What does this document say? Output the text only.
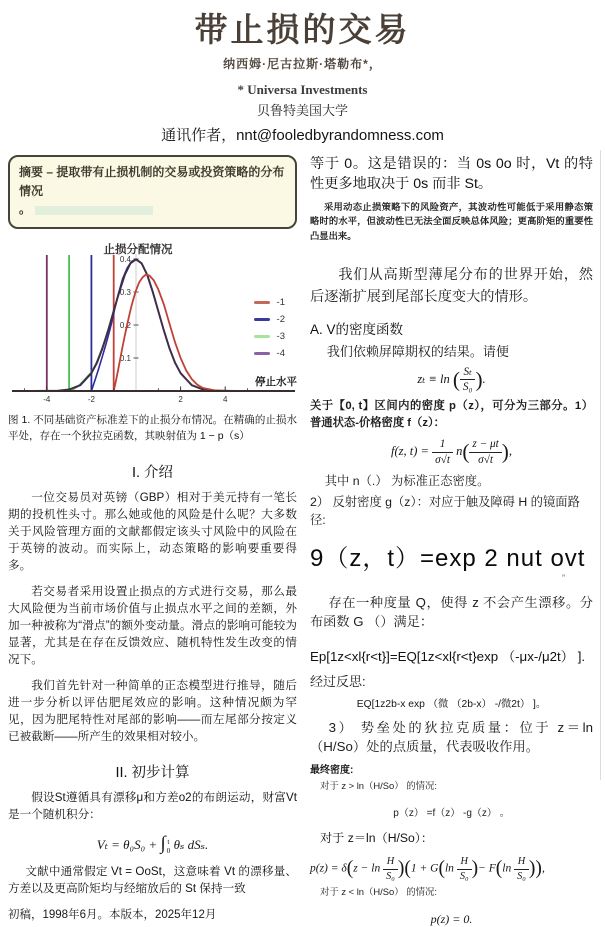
带止损的交易
纳西姆·尼古拉斯·塔勒布*，
* Universa Investments
贝鲁特美国大学
通讯作者，nnt@fooledbyrandomness.com
摘要 – 提取带有止损机制的交易或投资策略的分布情况
。
止损分配情况
0.1
0.2
0.3
0.4
-4	-2	2	4
-1
-2
-3
-4
停止水平
图 1. 不同基础资产标准差下的止损分布情况。在精确的止损水平处，存在一个狄拉克函数，其映射值为 1 − p（s）
I. 介绍

一位交易员对英镑（GBP）相对于美元持有一笔长期的投机性头寸。那么她或他的风险是什么呢？大多数关于风险管理方面的文献都假定该头寸风险中的风险在于英镑的波动。而实际上，动态策略的影响要重要得多。

若交易者采用设置止损点的方式进行交易，那么最大风险便为当前市场价值与止损点水平之间的差额，外加一种被称为“滑点”的额外变动量。滑点的影响可能较为显著，尤其是在存在反馈效应、随机特性发生改变的情况下。

我们首先针对一种简单的正态模型进行推导，随后进一步分析以评估肥尾效应的影响。这种情况颇为罕见，因为肥尾特性对尾部的影响——而左尾部分按定义已被截断——所产生的效果相对较小。

II. 初步计算

假设St遵循具有漂移μ和方差o2的布朗运动，财富Vt是一个随机积分：

Vₜ = θ₀S₀ + ∫ t
0 θₛ dSₛ.

文献中通常假定 Vt = OoSt，这意味着 Vt 的漂移量、方差以及更高阶矩均与经缩放后的 St 保持一致

初稿，1998年6月。本版本，2025年12月
等于 0。这是错误的：当 0s 0o 时，Vt 的特性更多地取决于 0s 而非 St。
采用动态止损策略下的风险资产，其波动性可能低于采用静态策略时的水平，但波动性已无法全面反映总体风险；更高阶矩的重要性凸显出来。
我们从高斯型薄尾分布的世界开始，然后逐渐扩展到尾部长度变大的情形。
A. V的密度函数
我们依赖屏障期权的结果。请便
zₜ ≡ ln ( $\frac{\text{Sₜ}}{\text{S₀}}$ ).
关于【0, t】区间内的密度 p（z），可分为三部分。1） 普通状态-价格密度 f（z）：
f(z, $t) = \frac{1}{\sigma√t} n( \frac{z - \mu t}{\sigma√t}$ ),
其中 n（.） 为标准正态密度。
2） 反射密度 g（z）：对应于触及障碍 H 的镜面路径:
9（z，t）=exp 2 nut ovt
”
存在一种度量 Q，使得 z 不会产生漂移。分布函数 G （）满足：
Ep[1z<xl{r<t}]=EQ[1z<xl{r<t}exp （-μx-/μ2t） ].
经过反思:
EQ[1z2b-x exp （微 （2b-x） -/微2t） ]。
3） 势垒处的狄拉克质量：位于 z＝ln（H/So）处的点质量，代表吸收作用。
最终密度:
对于 z > ln（H/So） 的情况:
p（z） =f（z） -g（z） 。
对于 z＝ln（H/So）：
$p(z) = \delta(z - \ln \frac{H}{\text{S₀}} )(1 + G(\ln \frac{H}{\text{S₀}}$ )− $F(\ln \frac{H}{\text{S₀}}$ )),
对于 z < ln（H/So） 的情况:
p(z) = 0.
